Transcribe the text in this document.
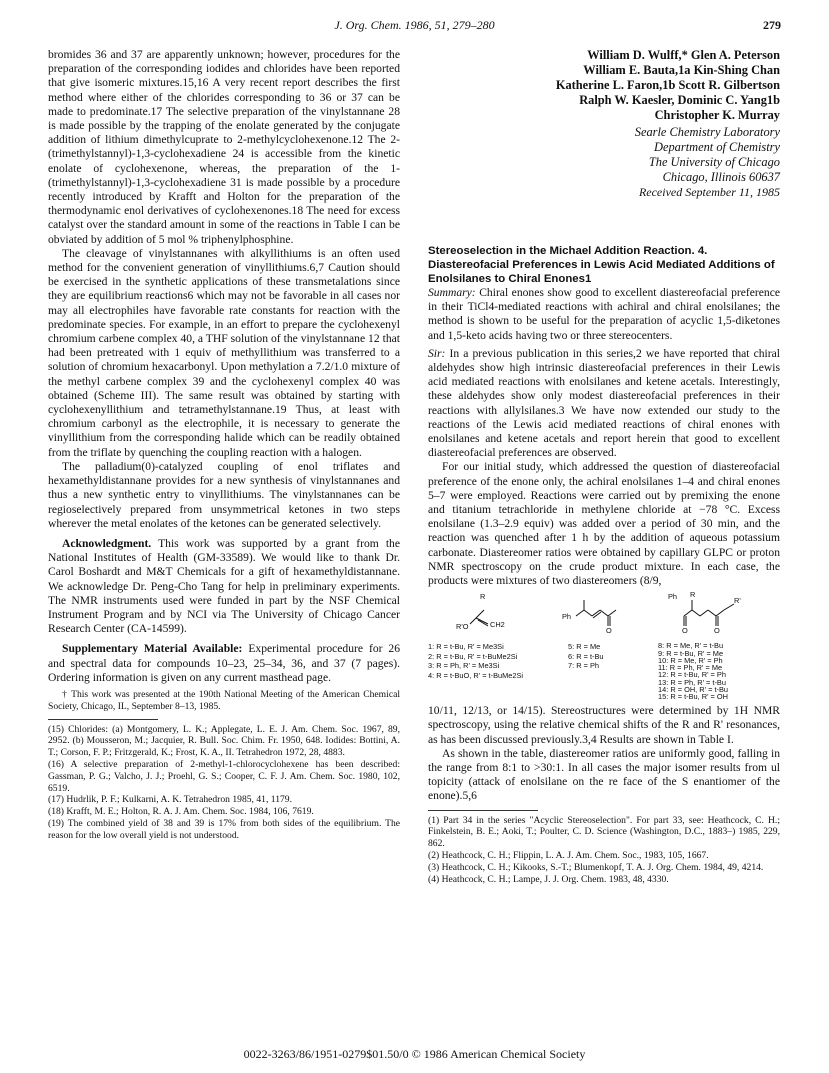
J. Org. Chem. 1986, 51, 279–280	279

bromides 36 and 37 are apparently unknown; however, procedures for the preparation of the corresponding iodides and chlorides have been reported that give isomeric mixtures.15,16 A very recent report describes the first method where either of the chlorides corresponding to 36 or 37 can be made to predominate.17 The selective preparation of the vinylstannane 28 is made possible by the trapping of the enolate generated by the conjugate addition of lithium dimethylcuprate to 2-methylcyclohexenone.12 The 2-(trimethylstannyl)-1,3-cyclohexadiene 24 is accessible from the kinetic enolate of cyclohexenone, whereas, the preparation of the 1-(trimethylstannyl)-1,3-cyclohexadiene 31 is made possible by a procedure recently introduced by Krafft and Holton for the preparation of the thermodynamic enol derivatives of cyclohexenones.18 The need for excess catalyst over the standard amount in some of the reactions in Table I can be obviated by addition of 5 mol % triphenylphosphine.

The cleavage of vinylstannanes with alkyllithiums is an often used method for the convenient generation of vinyllithiums.6,7 Caution should be exercised in the synthetic applications of these transmetalations since they are equilibrium reactions6 which may not be favorable in all cases nor may all electrophiles have favorable rate constants for reaction with the predominate species. For example, in an effort to prepare the cyclohexenyl chromium carbene complex 40, a THF solution of the vinylstannane 12 that had been pretreated with 1 equiv of methyllithium was transferred to a solution of chromium hexacarbonyl. Upon methylation a 7.2/1.0 mixture of the methyl carbene complex 39 and the cyclohexenyl complex 40 was obtained (Scheme III). The same result was obtained by starting with cyclohexenyllithium and tetramethylstannane.19 Thus, at least with chromium carbonyl as the electrophile, it is necessary to generate the vinyllithium from the corresponding halide which can be readily obtained from the triflate by quenching the coupling reaction with a halogen.

The palladium(0)-catalyzed coupling of enol triflates and hexamethyldistannane provides for a new synthesis of vinylstannanes and thus a new synthetic entry to vinyllithiums. The vinylstannanes can be regioselectively prepared from unsymmetrical ketones in two steps wherever the metal enolates of the ketones can be generated selectively.

Acknowledgment. This work was supported by a grant from the National Institutes of Health (GM-33589). We would like to thank Dr. Carol Boshardt and M&T Chemicals for a gift of hexamethyldistannane. We acknowledge Dr. Peng-Cho Tang for help in preliminary experiments. The NMR instruments used were funded in part by the NSF Chemical Instrument Program and by NCI via The University of Chicago Cancer Research Center (CA-14599).

Supplementary Material Available: Experimental procedure for 26 and spectral data for compounds 10–23, 25–34, 36, and 37 (7 pages). Ordering information is given on any current masthead page.

† This work was presented at the 190th National Meeting of the American Chemical Society, Chicago, IL, September 8–13, 1985.
(15) Chlorides: (a) Montgomery, L. K.; Applegate, L. E. J. Am. Chem. Soc. 1967, 89, 2952. (b) Mousseron, M.; Jacquier, R. Bull. Soc. Chim. Fr. 1950, 648. Iodides: Bottini, A. T.; Corson, F. P.; Fritzgerald, K.; Frost, K. A., II. Tetrahedron 1972, 28, 4883.
(16) A selective preparation of 2-methyl-1-chlorocyclohexene has been described: Gassman, P. G.; Valcho, J. J.; Proehl, G. S.; Cooper, C. F. J. Am. Chem. Soc. 1980, 102, 6519.
(17) Hudrlik, P. F.; Kulkarni, A. K. Tetrahedron 1985, 41, 1179.
(18) Krafft, M. E.; Holton, R. A. J. Am. Chem. Soc. 1984, 106, 7619.
(19) The combined yield of 38 and 39 is 17% from both sides of the equilibrium. The reason for the low overall yield is not understood.
William D. Wulff,* Glen A. Peterson
William E. Bauta,1a Kin-Shing Chan
Katherine L. Faron,1b Scott R. Gilbertson
Ralph W. Kaesler, Dominic C. Yang1b
Christopher K. Murray
Searle Chemistry Laboratory
Department of Chemistry
The University of Chicago
Chicago, Illinois 60637
Received September 11, 1985
Stereoselection in the Michael Addition Reaction. 4. Diastereofacial Preferences in Lewis Acid Mediated Additions of Enolsilanes to Chiral Enones1

Summary: Chiral enones show good to excellent diastereofacial preference in their TiCl4-mediated reactions with achiral and chiral enolsilanes; the method is shown to be useful for the preparation of acyclic 1,5-diketones and 1,5-keto acids having two or three stereocenters.

Sir: In a previous publication in this series,2 we have reported that chiral aldehydes show high intrinsic diastereofacial preferences in their Lewis acid mediated reactions with enolsilanes and ketene acetals. Interestingly, these aldehydes show only modest diastereofacial preferences in their reactions with allylsilanes.3 We have now extended our study to the reactions of the Lewis acid mediated reactions of chiral enones with enolsilanes and ketene acetals and report herein that good to excellent diastereofacial preferences are observed.

For our initial study, which addressed the question of diastereofacial preference of the enone only, the achiral enolsilanes 1–4 and chiral enones 5–7 were employed. Reactions were carried out by premixing the enone and titanium tetrachloride in methylene chloride at −78 °C. Excess enolsilane (1.3–2.9 equiv) was added over a period of 30 min, and the reaction was quenched after 1 h by the addition of aqueous potassium carbonate. Diastereomer ratios were obtained by capillary GLPC or proton NMR spectroscopy on the crude product mixture. In each case, the products were mixtures of two diastereomers (8/9,

R
CH2
R'O
Ph
O
Ph R
R'
O	O
1: R = t-Bu, R' = Me3Si
2: R = t-Bu, R' = t-BuMe2Si
3: R = Ph, R' = Me3Si
4: R = t-BuO, R' = t-BuMe2Si
5: R = Me
6: R = t-Bu
7: R = Ph
8: R = Me, R' = t-Bu
9: R = t-Bu, R' = Me
10: R = Me, R' = Ph
11: R = Ph, R' = Me
12: R = t-Bu, R' = Ph
13: R = Ph, R' = t-Bu
14: R = OH, R' = t-Bu
15: R = t-Bu, R' = OH

10/11, 12/13, or 14/15). Stereostructures were determined by 1H NMR spectroscopy, using the relative chemical shifts of the R and R' resonances, as has been discussed previously.3,4 Results are shown in Table I.

As shown in the table, diastereomer ratios are uniformly good, falling in the range from 8:1 to >30:1. In all cases the major isomer results from ul topicity (attack of enolsilane on the re face of the S enantiomer of the enone).5,6

(1) Part 34 in the series "Acyclic Stereoselection". For part 33, see: Heathcock, C. H.; Finkelstein, B. E.; Aoki, T.; Poulter, C. D. Science (Washington, D.C., 1883–) 1985, 229, 862.
(2) Heathcock, C. H.; Flippin, L. A. J. Am. Chem. Soc., 1983, 105, 1667.
(3) Heathcock, C. H.; Kikooks, S.-T.; Blumenkopf, T. A. J. Org. Chem. 1984, 49, 4214.
(4) Heathcock, C. H.; Lampe, J. J. Org. Chem. 1983, 48, 4330.
0022-3263/86/1951-0279$01.50/0 © 1986 American Chemical Society
